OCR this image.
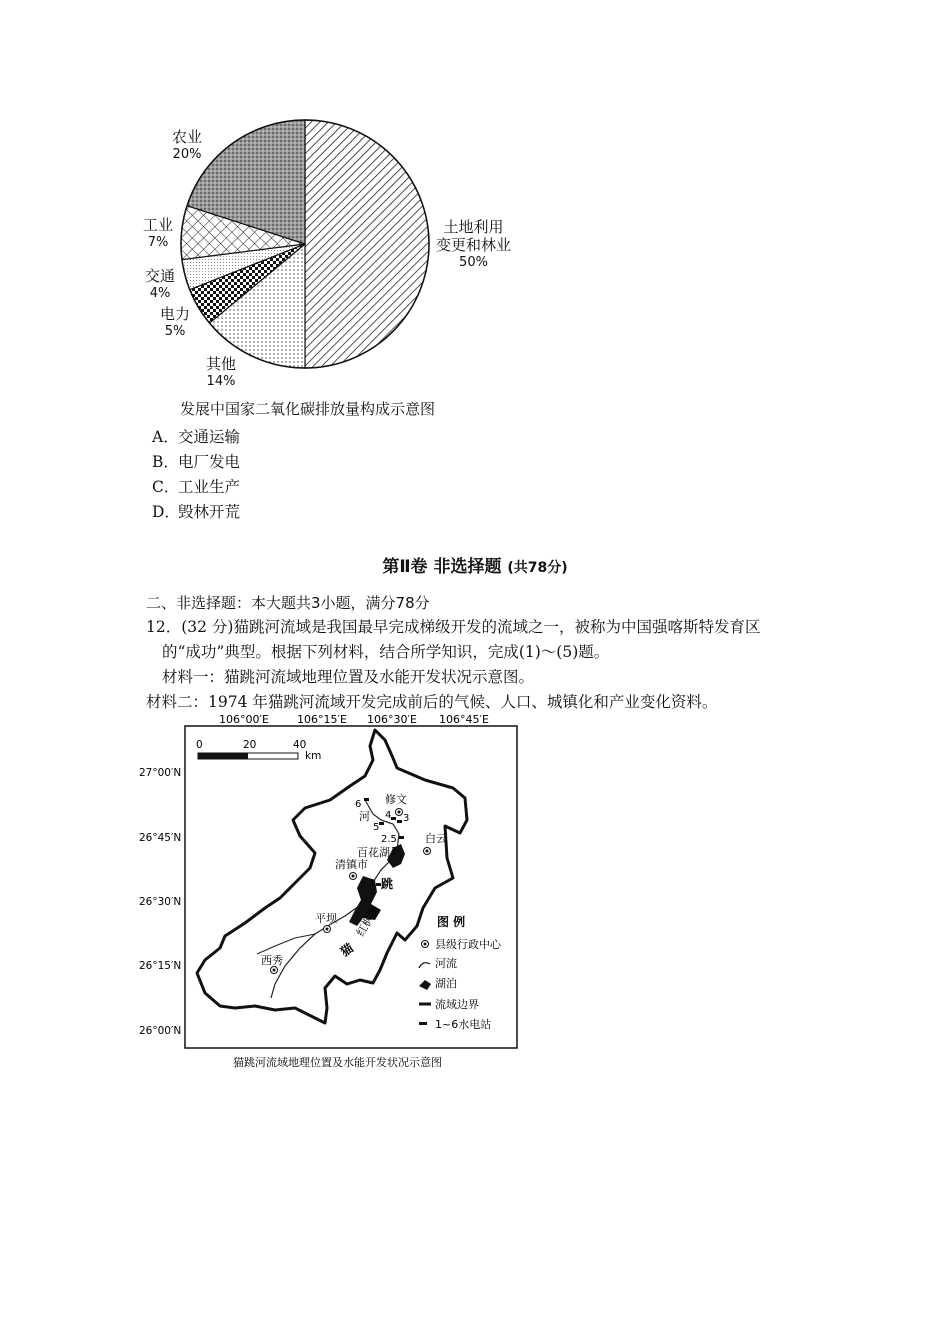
农业
20%
工业
7%
交通
4%
电力
5%
其他
14%
土地利用
变更和林业
50%
发展中国家二氧化碳排放量构成示意图
A．交通运输
B．电厂发电
C．工业生产
D．毁林开荒
第Ⅱ卷 非选择题 (共78分)
二、非选择题：本大题共3小题，满分78分
12．(32 分)猫跳河流域是我国最早完成梯级开发的流域之一，被称为中国强喀斯特发育区
的“成功”典型。根据下列材料，结合所学知识，完成(1)～(5)题。
材料一：猫跳河流域地理位置及水能开发状况示意图。
材料二：1974 年猫跳河流域开发完成前后的气候、人口、城镇化和产业变化资料。
106°00′E	106°15′E 106°30′E 106°45′E
27°00′N
26°45′N
26°30′N
26°15′N
26°00′N
0	20	40
km
6
4 3
5
2.5
2
1
修文
白云
百花湖
清镇市
平坝
西秀
红枫湖
猫
跳
河
图 例
县级行政中心
河流
湖泊
流域边界
1~6水电站
猫跳河流域地理位置及水能开发状况示意图
